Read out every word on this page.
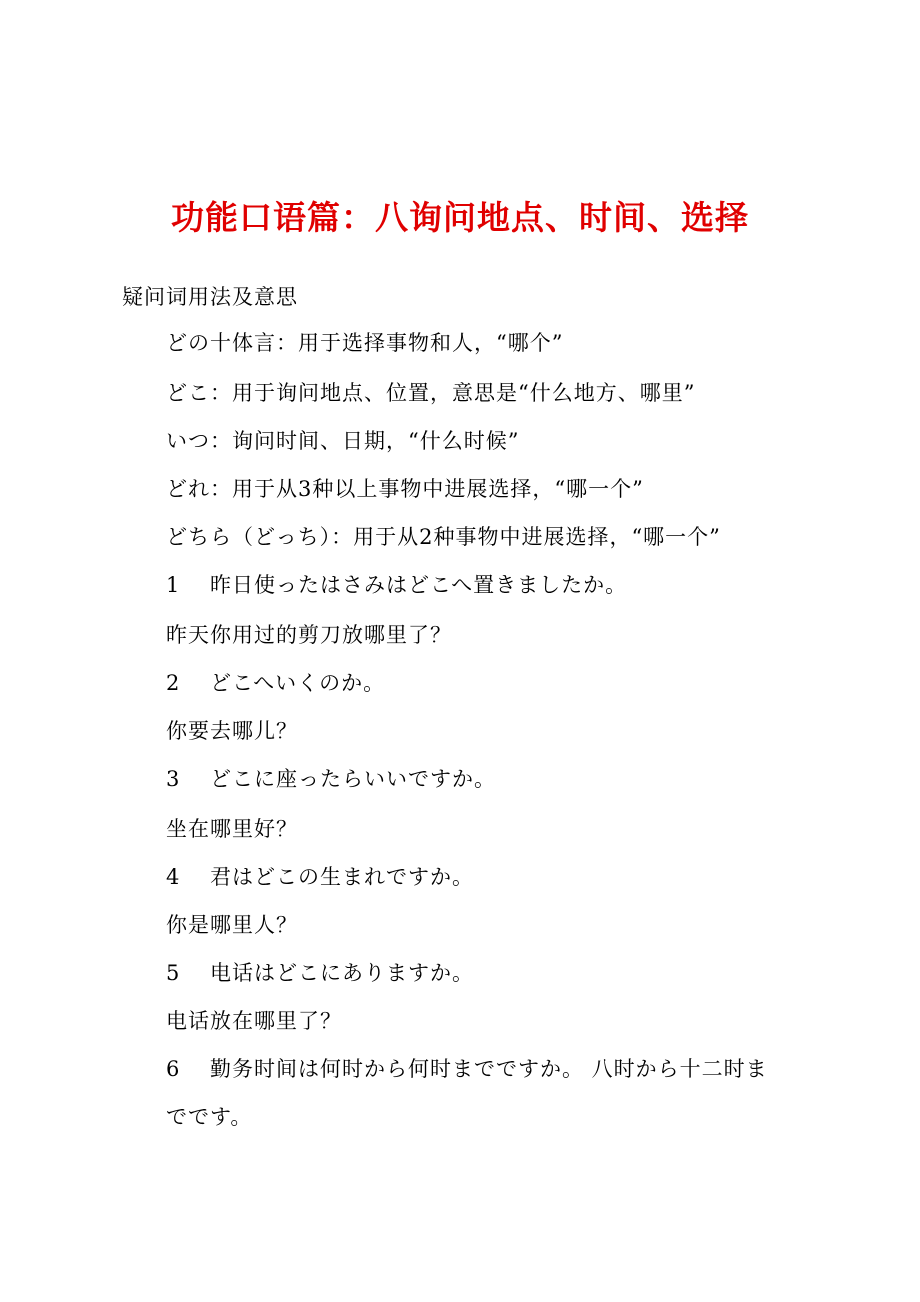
功能口语篇：八询问地点、时间、选择
疑问词用法及意思
どの十体言：用于选择事物和人，“哪个”
どこ：用于询问地点、位置，意思是“什么地方、哪里”
いつ：询问时间、日期，“什么时候”
どれ：用于从3种以上事物中进展选择，“哪一个”
どちら（どっち）：用于从2种事物中进展选择，“哪一个”
1 昨日使ったはさみはどこへ置きましたか。
昨天你用过的剪刀放哪里了？
2 どこへいくのか。
你要去哪儿？
3 どこに座ったらいいですか。
坐在哪里好？
4 君はどこの生まれですか。
你是哪里人？
5 电话はどこにありますか。
电话放在哪里了？
6 勤务时间は何时から何时までですか。 八时から十二时ま
でです。
